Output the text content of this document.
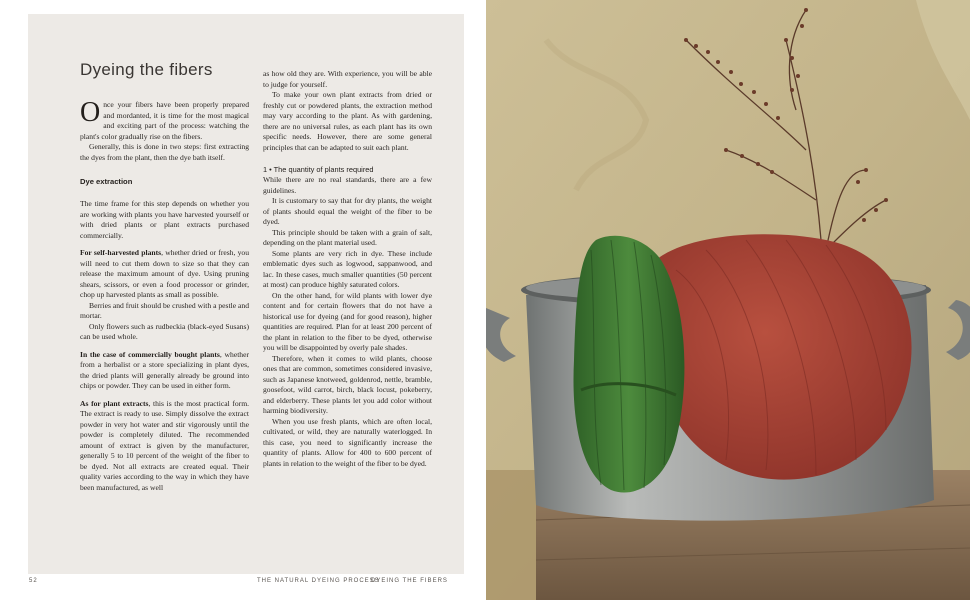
Dyeing the fibers

Once your fibers have been properly prepared and mordanted, it is time for the most magical and exciting part of the process: watching the plant's color gradually rise on the fibers.

Generally, this is done in two steps: first extracting the dyes from the plant, then the dye bath itself.

Dye extraction

The time frame for this step depends on whether you are working with plants you have harvested yourself or with dried plants or plant extracts purchased commercially.

For self-harvested plants, whether dried or fresh, you will need to cut them down to size so that they can release the maximum amount of dye. Using pruning shears, scissors, or even a food processor or grinder, chop up harvested plants as small as possible.

Berries and fruit should be crushed with a pestle and mortar.

Only flowers such as rudbeckia (black-eyed Susans) can be used whole.

In the case of commercially bought plants, whether from a herbalist or a store specializing in plant dyes, the dried plants will generally already be ground into chips or powder. They can be used in either form.

As for plant extracts, this is the most practical form. The extract is ready to use. Simply dissolve the extract powder in very hot water and stir vigorously until the powder is completely diluted. The recommended amount of extract is given by the manufacturer, generally 5 to 10 percent of the weight of the fiber to be dyed. Not all extracts are created equal. Their quality varies according to the way in which they have been manufactured, as well

as how old they are. With experience, you will be able to judge for yourself.

To make your own plant extracts from dried or freshly cut or powdered plants, the extraction method may vary according to the plant. As with gardening, there are no universal rules, as each plant has its own specific needs. However, there are some general principles that can be adapted to suit each plant.

1 • The quantity of plants required

While there are no real standards, there are a few guidelines.

It is customary to say that for dry plants, the weight of plants should equal the weight of the fiber to be dyed.

This principle should be taken with a grain of salt, depending on the plant material used.

Some plants are very rich in dye. These include emblematic dyes such as logwood, sappanwood, and lac. In these cases, much smaller quantities (50 percent at most) can produce highly saturated colors.

On the other hand, for wild plants with lower dye content and for certain flowers that do not have a historical use for dyeing (and for good reason), higher quantities are required. Plan for at least 200 percent of the plant in relation to the fiber to be dyed, otherwise you will be disappointed by overly pale shades.

Therefore, when it comes to wild plants, choose ones that are common, sometimes considered invasive, such as Japanese knotweed, goldenrod, nettle, bramble, goosefoot, wild carrot, birch, black locust, pokeberry, and elderberry. These plants let you add color without harming biodiversity.

When you use fresh plants, which are often local, cultivated, or wild, they are naturally waterlogged. In this case, you need to significantly increase the quantity of plants. Allow for 400 to 600 percent of plants in relation to the weight of the fiber to be dyed.

52	THE NATURAL DYEING PROCESS
DYEING THE FIBERS
